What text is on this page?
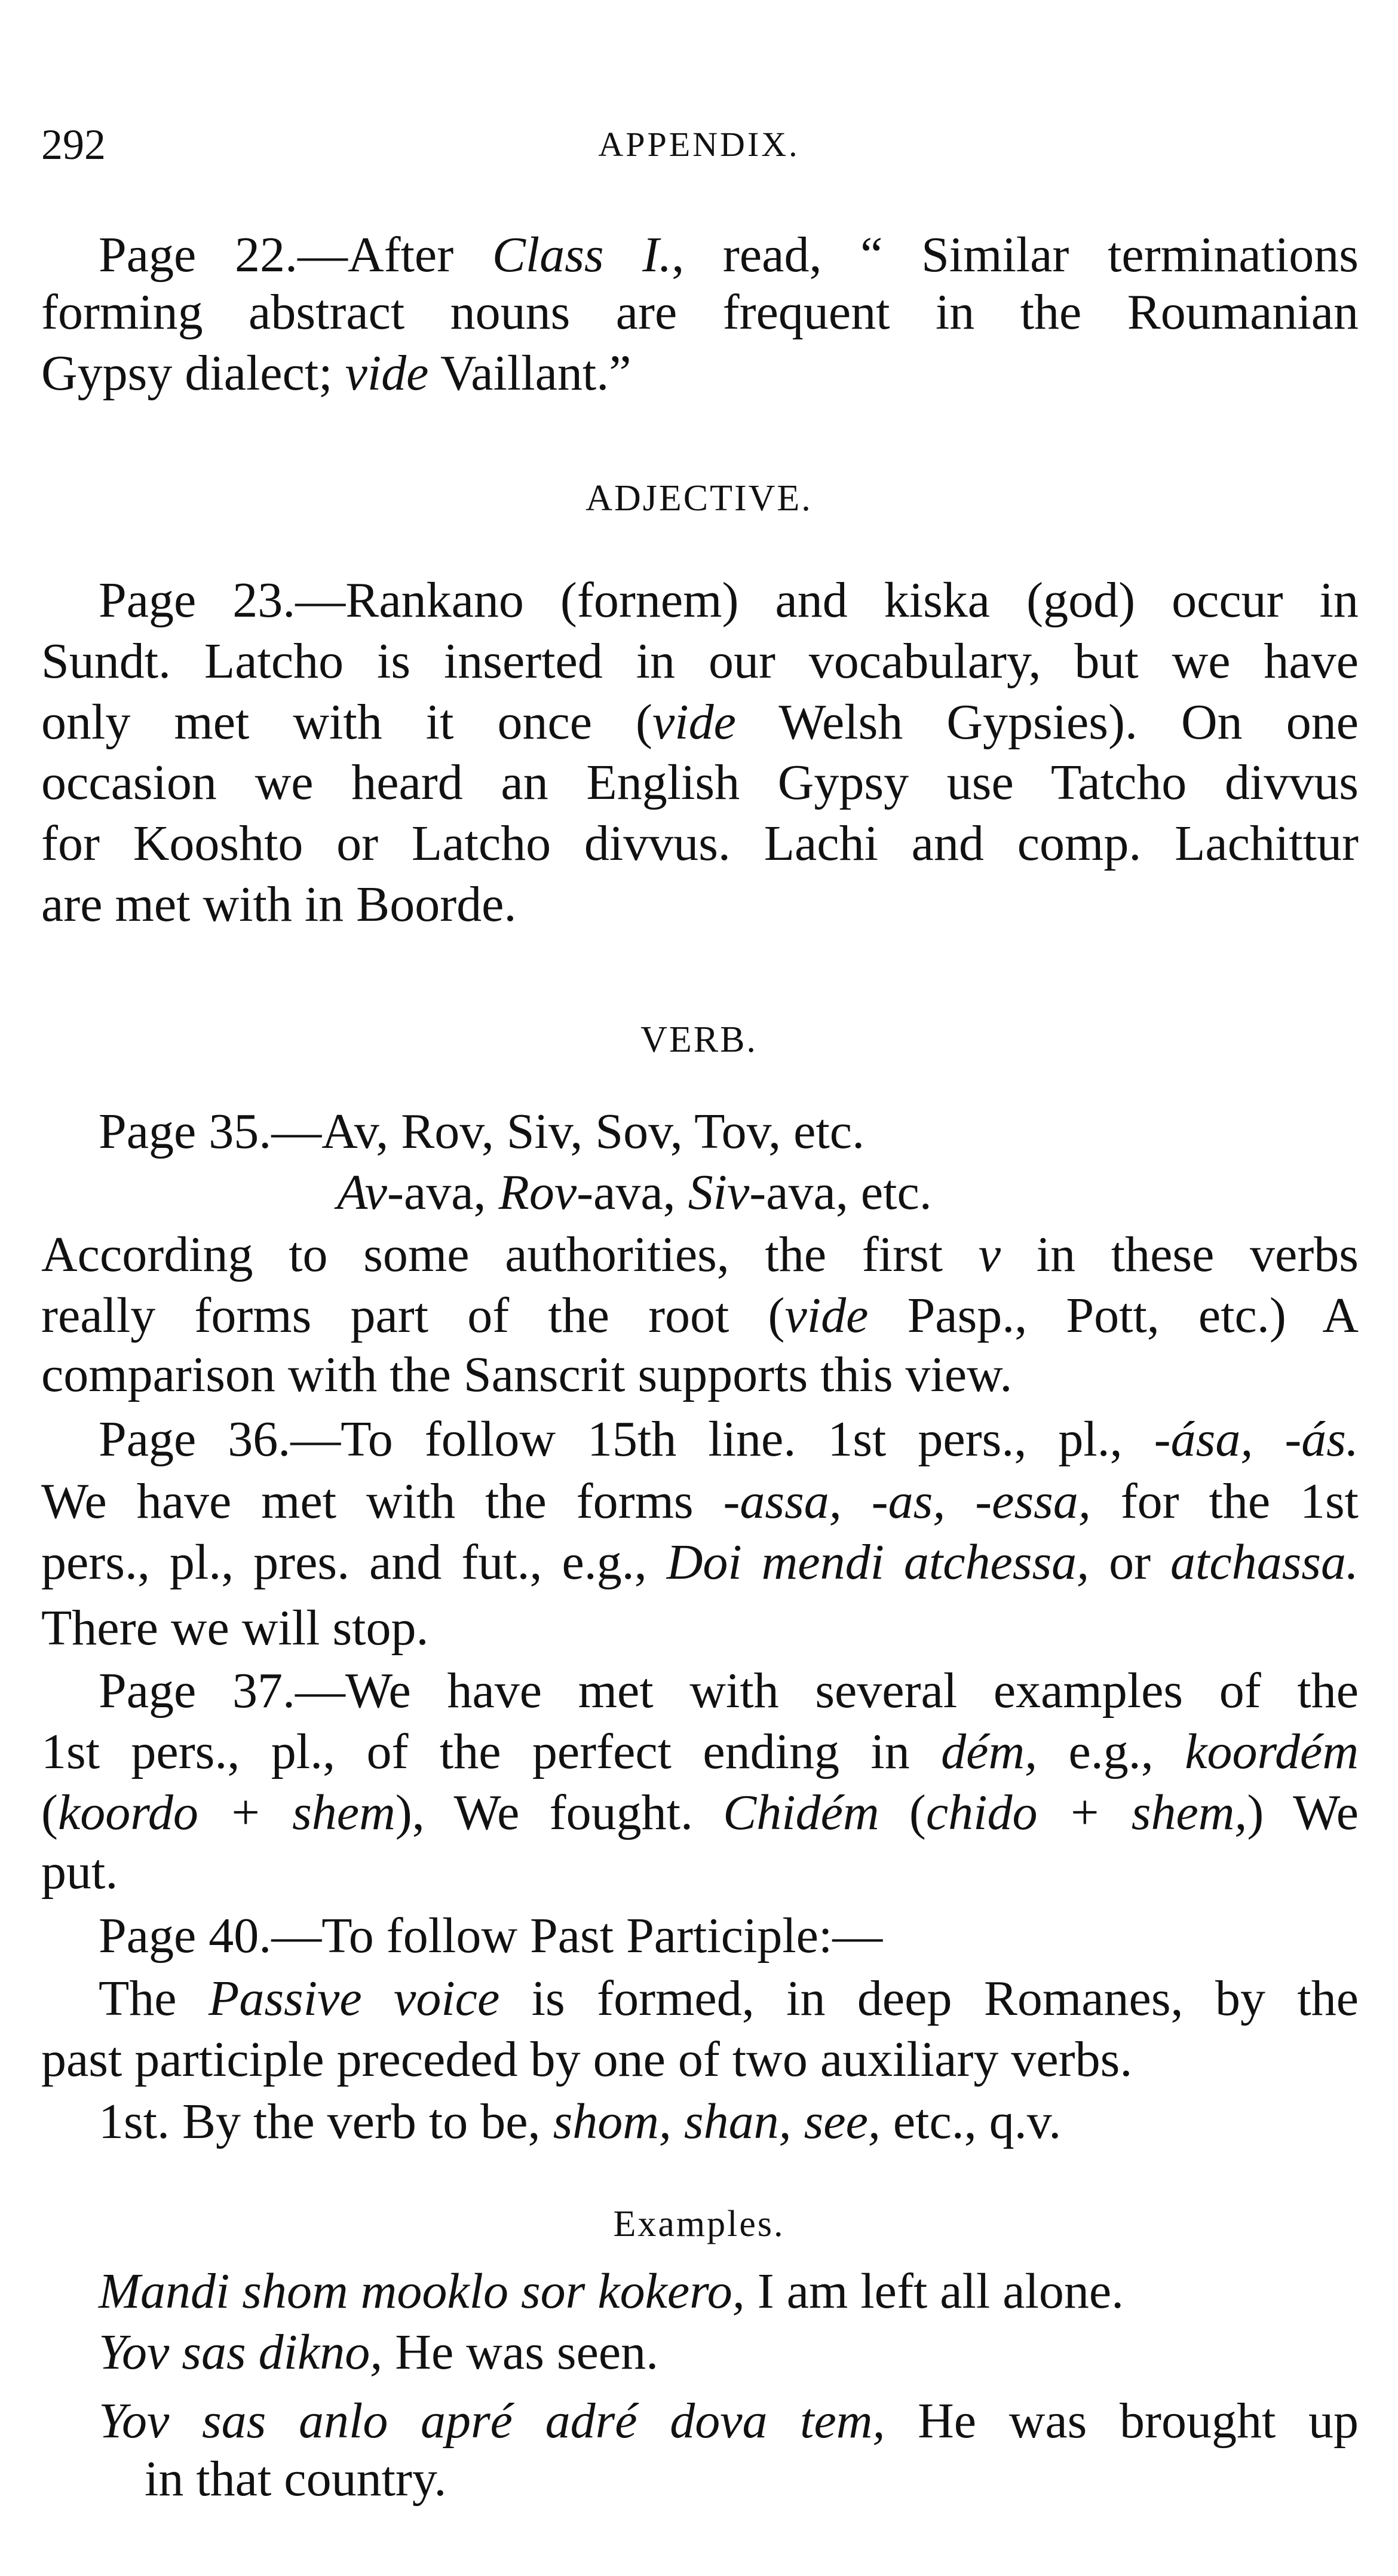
292	APPENDIX.
Page 22.—After Class I., read, “ Similar terminations
forming abstract nouns are frequent in the Roumanian
Gypsy dialect; vide Vaillant.”
ADJECTIVE.
Page 23.—Rankano (fornem) and kiska (god) occur in
Sundt. Latcho is inserted in our vocabulary, but we have
only met with it once (vide Welsh Gypsies). On one
occasion we heard an English Gypsy use Tatcho divvus
for Kooshto or Latcho divvus. Lachi and comp. Lachittur
are met with in Boorde.
VERB.
Page 35.—Av, Rov, Siv, Sov, Tov, etc.
Av-ava, Rov-ava, Siv-ava, etc.
According to some authorities, the first v in these verbs
really forms part of the root (vide Pasp., Pott, etc.) A
comparison with the Sanscrit supports this view.
Page 36.—To follow 15th line. 1st pers., pl., -ása, -ás.
We have met with the forms -assa, -as, -essa, for the 1st
pers., pl., pres. and fut., e.g., Doi mendi atchessa, or atchassa.
There we will stop.
Page 37.—We have met with several examples of the
1st pers., pl., of the perfect ending in dém, e.g., koordém
(koordo + shem), We fought. Chidém (chido + shem,) We
put.
Page 40.—To follow Past Participle:—
The Passive voice is formed, in deep Romanes, by the
past participle preceded by one of two auxiliary verbs.
1st. By the verb to be, shom, shan, see, etc., q.v.
Examples.
Mandi shom mooklo sor kokero, I am left all alone.
Yov sas dikno, He was seen.
Yov sas anlo apré adré dova tem, He was brought up
in that country.
